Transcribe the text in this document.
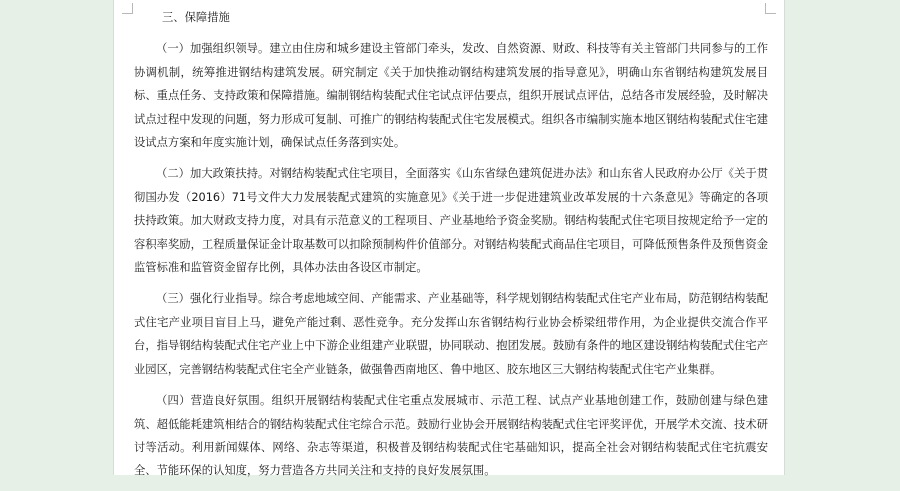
三、保障措施

（一）加强组织领导。建立由住房和城乡建设主管部门牵头，发改、自然资源、财政、科技等有关主管部门共同参与的工作协调机制，统筹推进钢结构建筑发展。研究制定《关于加快推动钢结构建筑发展的指导意见》，明确山东省钢结构建筑发展目标、重点任务、支持政策和保障措施。编制钢结构装配式住宅试点评估要点，组织开展试点评估，总结各市发展经验，及时解决试点过程中发现的问题，努力形成可复制、可推广的钢结构装配式住宅发展模式。组织各市编制实施本地区钢结构装配式住宅建设试点方案和年度实施计划，确保试点任务落到实处。

（二）加大政策扶持。对钢结构装配式住宅项目，全面落实《山东省绿色建筑促进办法》和山东省人民政府办公厅《关于贯彻国办发（2016）71号文件大力发展装配式建筑的实施意见》《关于进一步促进建筑业改革发展的十六条意见》等确定的各项扶持政策。加大财政支持力度，对具有示范意义的工程项目、产业基地给予资金奖励。钢结构装配式住宅项目按规定给予一定的容积率奖励，工程质量保证金计取基数可以扣除预制构件价值部分。对钢结构装配式商品住宅项目，可降低预售条件及预售资金监管标准和监管资金留存比例，具体办法由各设区市制定。

（三）强化行业指导。综合考虑地域空间、产能需求、产业基础等，科学规划钢结构装配式住宅产业布局，防范钢结构装配式住宅产业项目盲目上马，避免产能过剩、恶性竞争。充分发挥山东省钢结构行业协会桥梁纽带作用，为企业提供交流合作平台，指导钢结构装配式住宅产业上中下游企业组建产业联盟，协同联动、抱团发展。鼓励有条件的地区建设钢结构装配式住宅产业园区，完善钢结构装配式住宅全产业链条，做强鲁西南地区、鲁中地区、胶东地区三大钢结构装配式住宅产业集群。

（四）营造良好氛围。组织开展钢结构装配式住宅重点发展城市、示范工程、试点产业基地创建工作，鼓励创建与绿色建筑、超低能耗建筑相结合的钢结构装配式住宅综合示范。鼓励行业协会开展钢结构装配式住宅评奖评优，开展学术交流、技术研讨等活动。利用新闻媒体、网络、杂志等渠道，积极普及钢结构装配式住宅基础知识，提高全社会对钢结构装配式住宅抗震安全、节能环保的认知度，努力营造各方共同关注和支持的良好发展氛围。
